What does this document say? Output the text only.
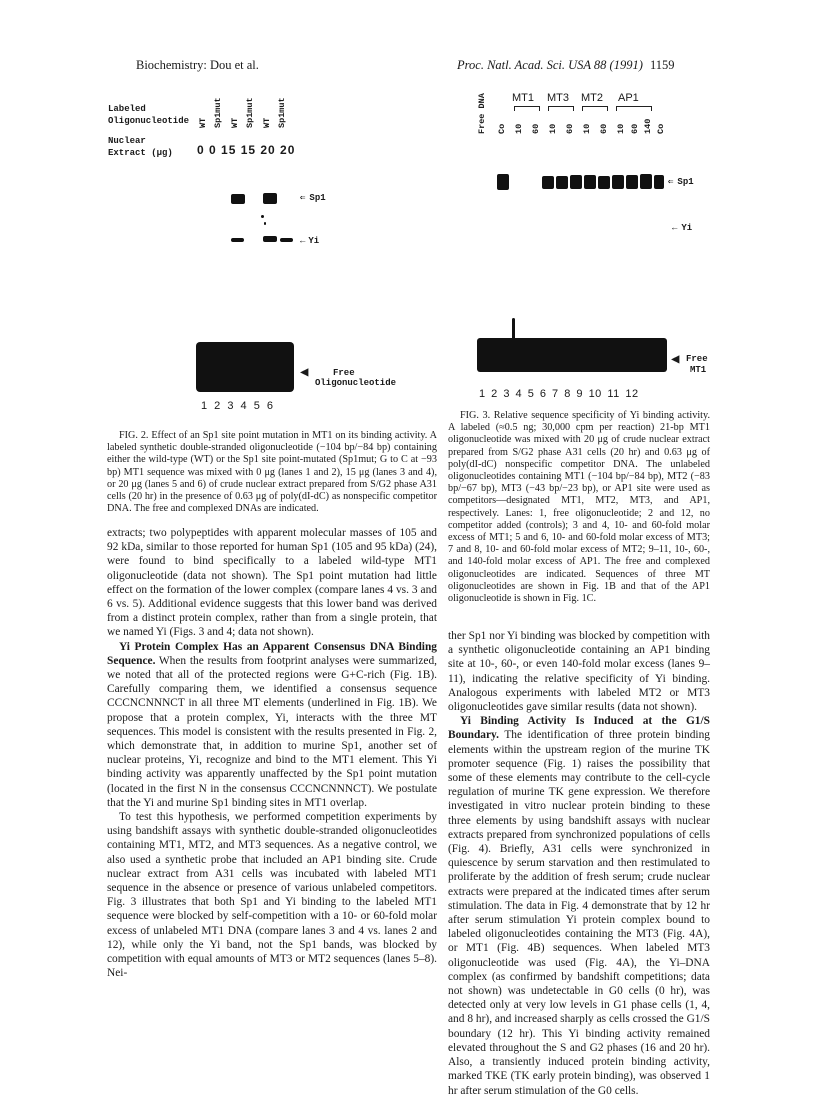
Biochemistry: Dou et al.	Proc. Natl. Acad. Sci. USA 88 (1991) 1159
Labeled
Oligonucleotide
Nuclear
Extract (μg)
WT Sp1mut WT Sp1mut WT Sp1mut
0 0 15 15 20 20
⇐ Sp1
← Yi
◀	Free
Oligonucleotide
1 2 3 4 5 6
Free DNA Co
MT1 MT3 MT2 AP1
10 60 10 60 10 60 10 60 140 Co
⇐ Sp1
← Yi
◀ Free
MT1
1 2 3 4 5 6 7 8 9 10 11 12

FIG. 2. Effect of an Sp1 site point mutation in MT1 on its binding activity. A labeled synthetic double-stranded oligonucleotide (−104 bp/−84 bp) containing either the wild-type (WT) or the Sp1 site point-mutated (Sp1mut; G to C at −93 bp) MT1 sequence was mixed with 0 μg (lanes 1 and 2), 15 μg (lanes 3 and 4), or 20 μg (lanes 5 and 6) of crude nuclear extract prepared from S/G2 phase A31 cells (20 hr) in the presence of 0.63 μg of poly(dI-dC) as nonspecific competitor DNA. The free and complexed DNAs are indicated.

FIG. 3. Relative sequence specificity of Yi binding activity. A labeled (≈0.5 ng; 30,000 cpm per reaction) 21-bp MT1 oligonucleotide was mixed with 20 μg of crude nuclear extract prepared from S/G2 phase A31 cells (20 hr) and 0.63 μg of poly(dI-dC) nonspecific competitor DNA. The unlabeled oligonucleotides containing MT1 (−104 bp/−84 bp), MT2 (−83 bp/−67 bp), MT3 (−43 bp/−23 bp), or AP1 site were used as competitors—designated MT1, MT2, MT3, and AP1, respectively. Lanes: 1, free oligonucleotide; 2 and 12, no competitor added (controls); 3 and 4, 10- and 60-fold molar excess of MT1; 5 and 6, 10- and 60-fold molar excess of MT3; 7 and 8, 10- and 60-fold molar excess of MT2; 9–11, 10-, 60-, and 140-fold molar excess of AP1. The free and complexed oligonucleotides are indicated. Sequences of three MT oligonucleotides are shown in Fig. 1B and that of the AP1 oligonucleotide is shown in Fig. 1C.

extracts; two polypeptides with apparent molecular masses of 105 and 92 kDa, similar to those reported for human Sp1 (105 and 95 kDa) (24), were found to bind specifically to a labeled wild-type MT1 oligonucleotide (data not shown). The Sp1 point mutation had little effect on the formation of the lower complex (compare lanes 4 vs. 3 and 6 vs. 5). Additional evidence suggests that this lower band was derived from a distinct protein complex, rather than from a single protein, that we named Yi (Figs. 3 and 4; data not shown).

Yi Protein Complex Has an Apparent Consensus DNA Binding Sequence. When the results from footprint analyses were summarized, we noted that all of the protected regions were G+C-rich (Fig. 1B). Carefully comparing them, we identified a consensus sequence CCCNCNNNCT in all three MT elements (underlined in Fig. 1B). We propose that a protein complex, Yi, interacts with the three MT sequences. This model is consistent with the results presented in Fig. 2, which demonstrate that, in addition to murine Sp1, another set of nuclear proteins, Yi, recognize and bind to the MT1 element. This Yi binding activity was apparently unaffected by the Sp1 point mutation (located in the first N in the consensus CCCNCNNNCT). We postulate that the Yi and murine Sp1 binding sites in MT1 overlap.

To test this hypothesis, we performed competition experiments by using bandshift assays with synthetic double-stranded oligonucleotides containing MT1, MT2, and MT3 sequences. As a negative control, we also used a synthetic probe that included an AP1 binding site. Crude nuclear extract from A31 cells was incubated with labeled MT1 sequence in the absence or presence of various unlabeled competitors. Fig. 3 illustrates that both Sp1 and Yi binding to the labeled MT1 sequence were blocked by self-competition with a 10- or 60-fold molar excess of unlabeled MT1 DNA (compare lanes 3 and 4 vs. lanes 2 and 12), while only the Yi band, not the Sp1 bands, was blocked by competition with equal amounts of MT3 or MT2 sequences (lanes 5–8). Nei-

ther Sp1 nor Yi binding was blocked by competition with a synthetic oligonucleotide containing an AP1 binding site at 10-, 60-, or even 140-fold molar excess (lanes 9–11), indicating the relative specificity of Yi binding. Analogous experiments with labeled MT2 or MT3 oligonucleotides gave similar results (data not shown).

Yi Binding Activity Is Induced at the G1/S Boundary. The identification of three protein binding elements within the upstream region of the murine TK promoter sequence (Fig. 1) raises the possibility that some of these elements may contribute to the cell-cycle regulation of murine TK gene expression. We therefore investigated in vitro nuclear protein binding to these three elements by using bandshift assays with nuclear extracts prepared from synchronized populations of cells (Fig. 4). Briefly, A31 cells were synchronized in quiescence by serum starvation and then restimulated to proliferate by the addition of fresh serum; crude nuclear extracts were prepared at the indicated times after serum stimulation. The data in Fig. 4 demonstrate that by 12 hr after serum stimulation Yi protein complex bound to labeled oligonucleotides containing the MT3 (Fig. 4A), or MT1 (Fig. 4B) sequences. When labeled MT3 oligonucleotide was used (Fig. 4A), the Yi–DNA complex (as confirmed by bandshift competitions; data not shown) was undetectable in G0 cells (0 hr), was detected only at very low levels in G1 phase cells (1, 4, and 8 hr), and increased sharply as cells crossed the G1/S boundary (12 hr). This Yi binding activity remained elevated throughout the S and G2 phases (16 and 20 hr). Also, a transiently induced protein binding activity, marked TKE (TK early protein binding), was observed 1 hr after serum stimulation of the G0 cells.
